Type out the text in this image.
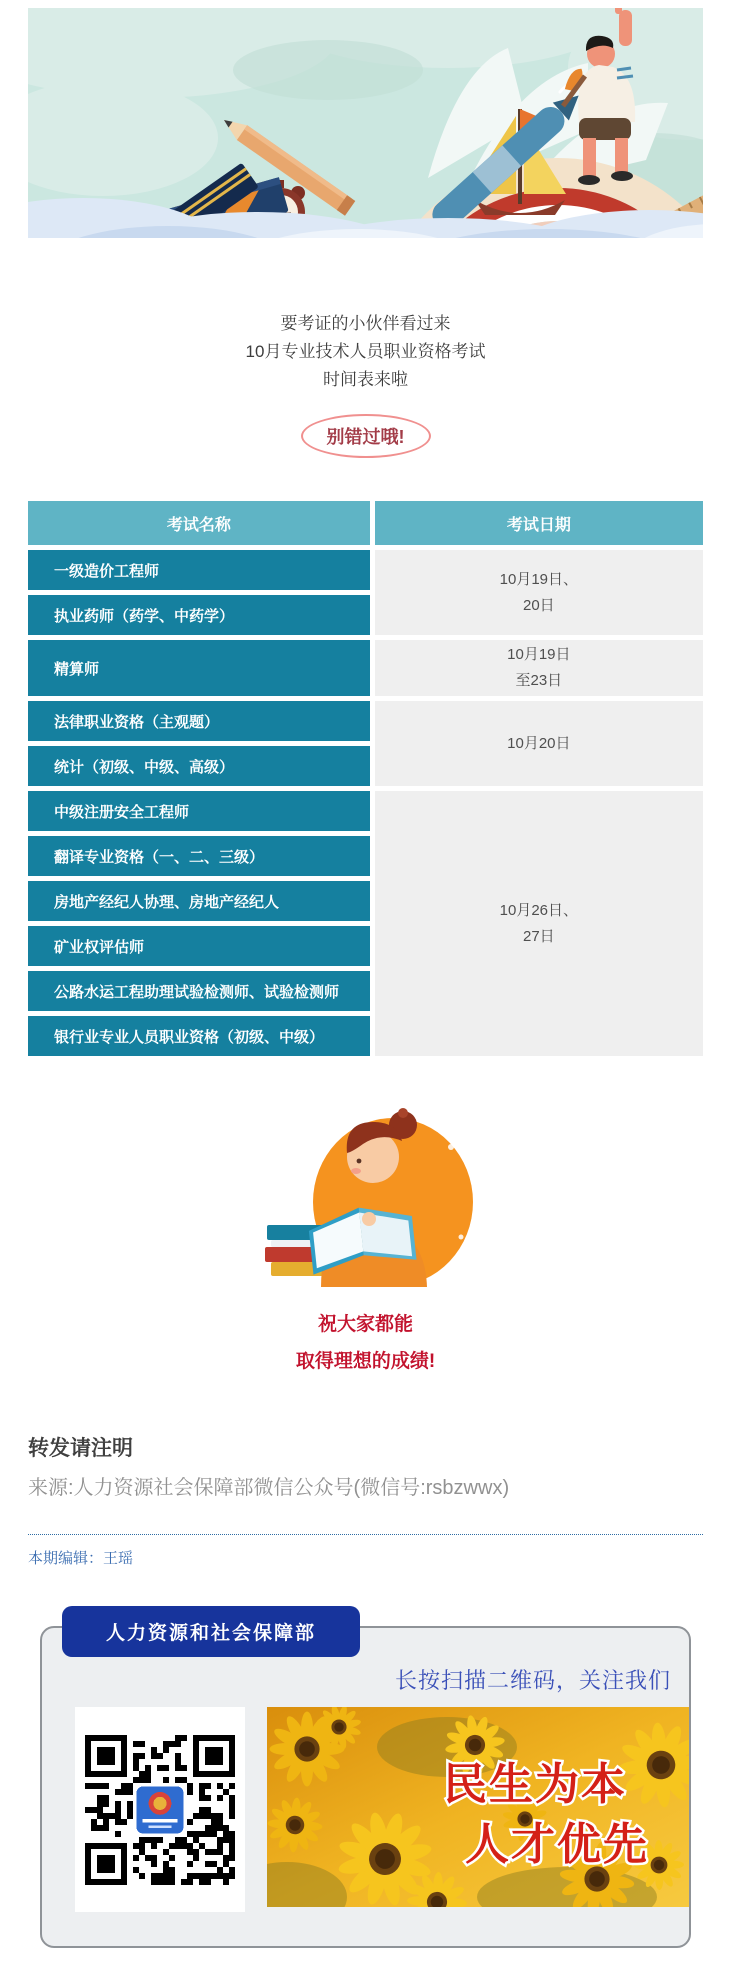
要考证的小伙伴看过来
10月专业技术人员职业资格考试
时间表来啦
别错过哦!
考试名称	考试日期
一级造价工程师	10月19日、
20日

执业药师（药学、中药学）	
精算师	10月19日
至23日

法律职业资格（主观题）	10月20日

统计（初级、中级、高级）	
中级注册安全工程师	10月26日、
27日

翻译专业资格（一、二、三级）	
房地产经纪人协理、房地产经纪人	
矿业权评估师	
公路水运工程助理试验检测师、试验检测师	
银行业专业人员职业资格（初级、中级）	
祝大家都能
取得理想的成绩!
转发请注明
来源:人力资源社会保障部微信公众号(微信号:rsbzwwx)
本期编辑：王瑶
人力资源和社会保障部
长按扫描二维码，关注我们
民生为本
人才优先
